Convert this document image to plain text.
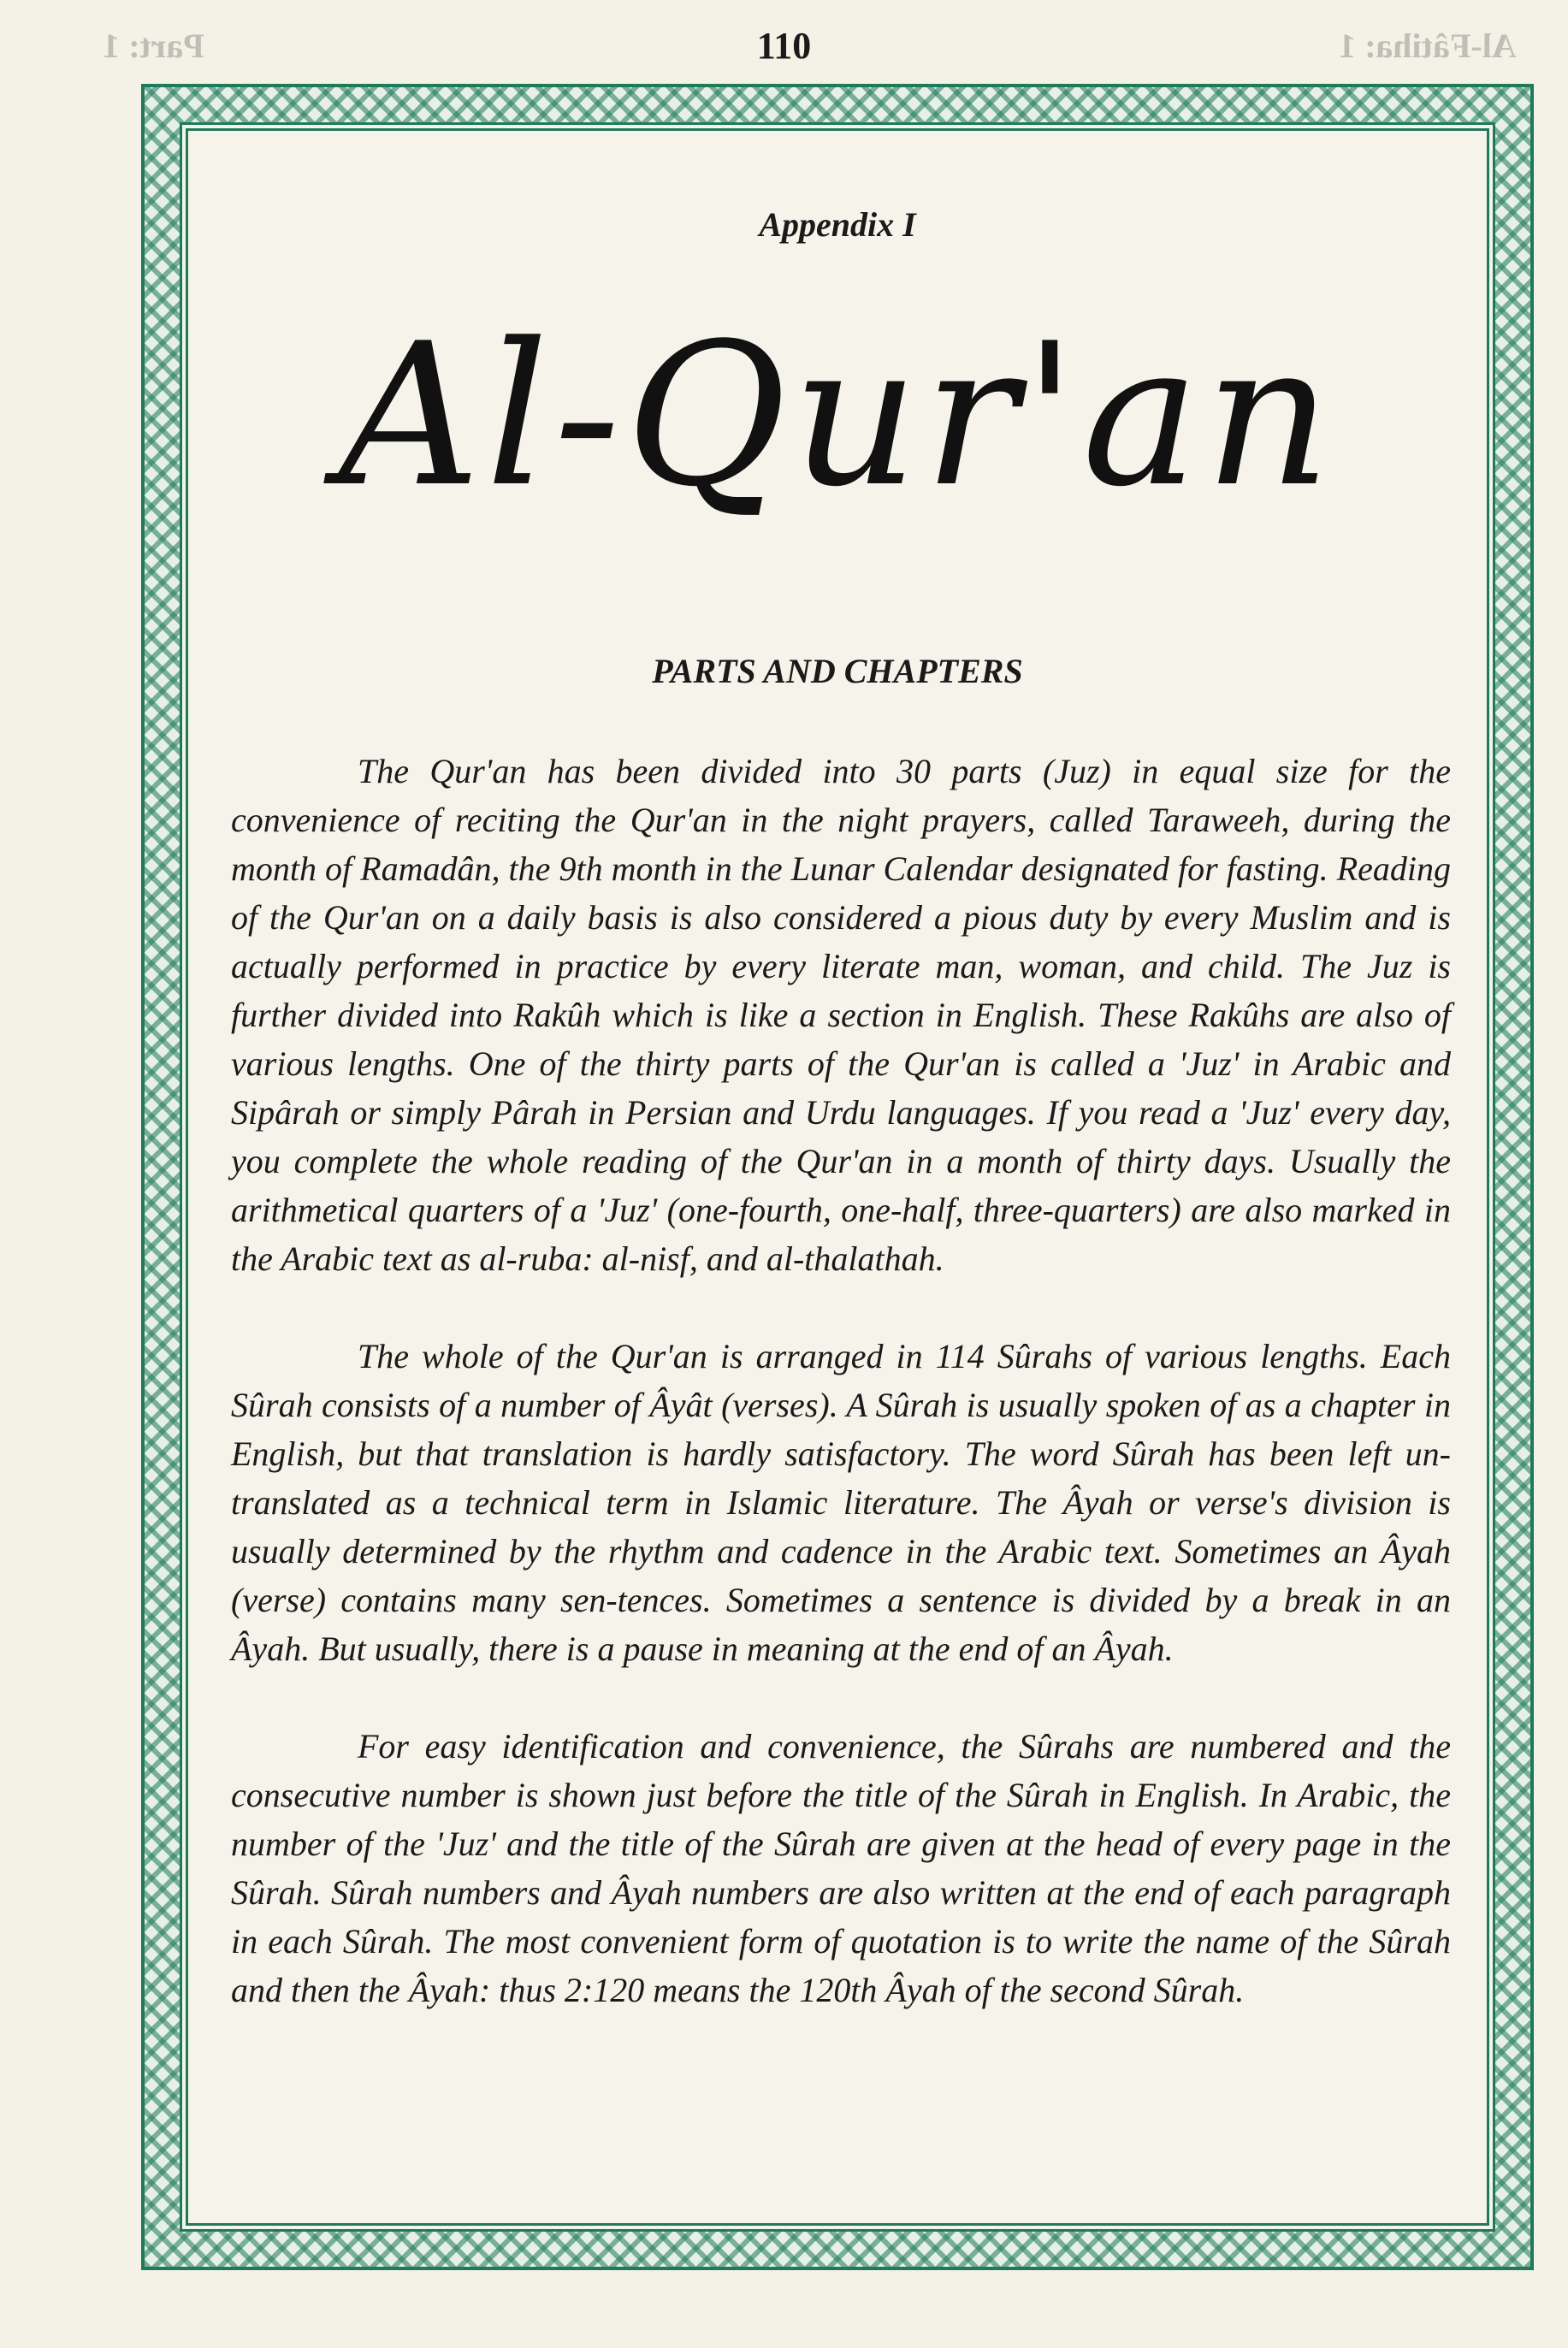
Part: 1	110	Al-Fâtiha: 1
Appendix I
Al-Qur'an
PARTS AND CHAPTERS

The Qur'an has been divided into 30 parts (Juz) in equal size for the convenience of reciting the Qur'an in the night prayers, called Taraweeh, during the month of Ramadân, the 9th month in the Lunar Calendar designated for fasting. Reading of the Qur'an on a daily basis is also considered a pious duty by every Muslim and is actually performed in practice by every literate man, woman, and child. The Juz is further divided into Rakûh which is like a section in English. These Rakûhs are also of various lengths. One of the thirty parts of the Qur'an is called a 'Juz' in Arabic and Sipârah or simply Pârah in Persian and Urdu languages. If you read a 'Juz' every day, you complete the whole reading of the Qur'an in a month of thirty days. Usually the arithmetical quarters of a 'Juz' (one-fourth, one-half, three-quarters) are also marked in the Arabic text as al-ruba: al-nisf, and al-thalathah.

The whole of the Qur'an is arranged in 114 Sûrahs of various lengths. Each Sûrah consists of a number of Âyât (verses). A Sûrah is usually spoken of as a chapter in English, but that translation is hardly satisfactory. The word Sûrah has been left un-translated as a technical term in Islamic literature. The Âyah or verse's division is usually determined by the rhythm and cadence in the Arabic text. Sometimes an Âyah (verse) contains many sen-tences. Sometimes a sentence is divided by a break in an Âyah. But usually, there is a pause in meaning at the end of an Âyah.

For easy identification and convenience, the Sûrahs are numbered and the consecutive number is shown just before the title of the Sûrah in English. In Arabic, the number of the 'Juz' and the title of the Sûrah are given at the head of every page in the Sûrah. Sûrah numbers and Âyah numbers are also written at the end of each paragraph in each Sûrah. The most convenient form of quotation is to write the name of the Sûrah and then the Âyah: thus 2:120 means the 120th Âyah of the second Sûrah.
